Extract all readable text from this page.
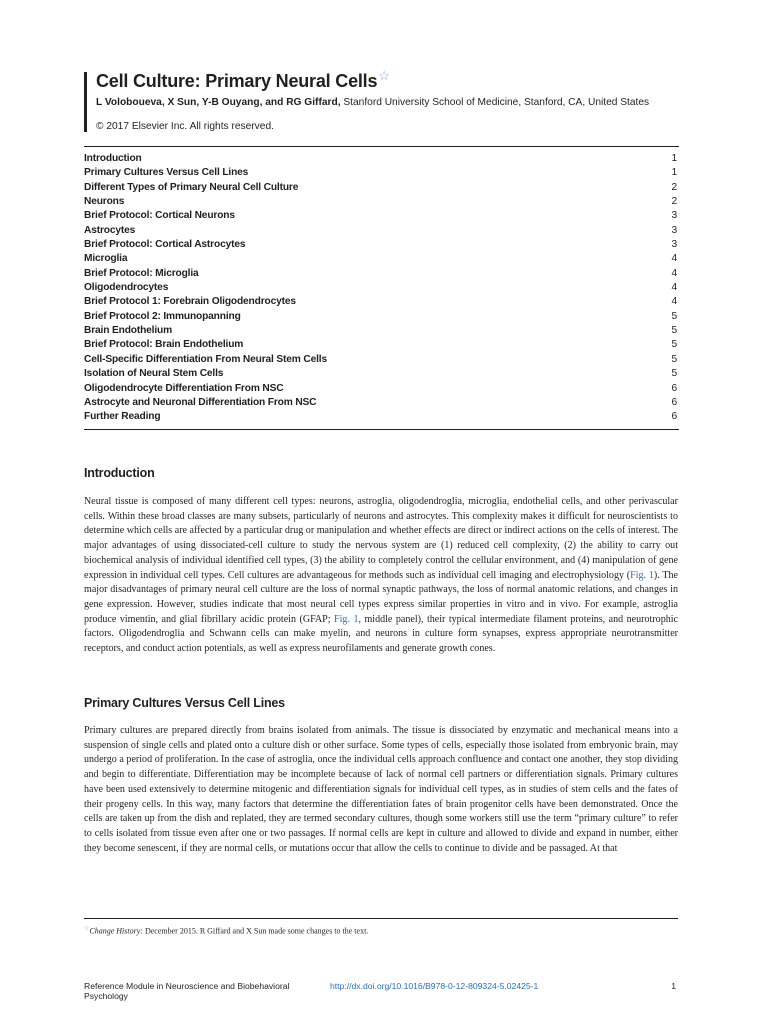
Cell Culture: Primary Neural Cells☆
L Voloboueva, X Sun, Y-B Ouyang, and RG Giffard, Stanford University School of Medicine, Stanford, CA, United States
© 2017 Elsevier Inc. All rights reserved.
Introduction	1
Primary Cultures Versus Cell Lines	1
Different Types of Primary Neural Cell Culture	2
Neurons	2
Brief Protocol: Cortical Neurons	3
Astrocytes	3
Brief Protocol: Cortical Astrocytes	3
Microglia	4
Brief Protocol: Microglia	4
Oligodendrocytes	4
Brief Protocol 1: Forebrain Oligodendrocytes	4
Brief Protocol 2: Immunopanning	5
Brain Endothelium	5
Brief Protocol: Brain Endothelium	5
Cell-Specific Differentiation From Neural Stem Cells	5
Isolation of Neural Stem Cells	5
Oligodendrocyte Differentiation From NSC	6
Astrocyte and Neuronal Differentiation From NSC	6
Further Reading	6
Introduction

Neural tissue is composed of many different cell types: neurons, astroglia, oligodendroglia, microglia, endothelial cells, and other perivascular cells. Within these broad classes are many subsets, particularly of neurons and astrocytes. This complexity makes it difficult for neuroscientists to determine which cells are affected by a particular drug or manipulation and whether effects are direct or indirect actions on the cells of interest. The major advantages of using dissociated-cell culture to study the nervous system are (1) reduced cell complexity, (2) the ability to carry out biochemical analysis of individual identified cell types, (3) the ability to completely control the cellular environment, and (4) manipulation of gene expression in individual cell types. Cell cultures are advantageous for methods such as individual cell imaging and electrophysiology (Fig. 1). The major disadvantages of primary neural cell culture are the loss of normal synaptic pathways, the loss of normal anatomic relations, and changes in gene expression. However, studies indicate that most neural cell types express similar properties in vitro and in vivo. For example, astroglia produce vimentin, and glial fibrillary acidic protein (GFAP; Fig. 1, middle panel), their typical intermediate filament proteins, and neurotrophic factors. Oligodendroglia and Schwann cells can make myelin, and neurons in culture form synapses, express appropriate neurotransmitter receptors, and conduct action potentials, as well as express neurofilaments and generate growth cones.

Primary Cultures Versus Cell Lines

Primary cultures are prepared directly from brains isolated from animals. The tissue is dissociated by enzymatic and mechanical means into a suspension of single cells and plated onto a culture dish or other surface. Some types of cells, especially those isolated from embryonic brain, may undergo a period of proliferation. In the case of astroglia, once the individual cells approach confluence and contact one another, they stop dividing and begin to differentiate. Differentiation may be incomplete because of lack of normal cell partners or differentiation signals. Primary cultures have been used extensively to determine mitogenic and differentiation signals for individual cell types, as in studies of stem cells and the fates of their progeny cells. In this way, many factors that determine the differentiation fates of brain progenitor cells have been demonstrated. Once the cells are taken up from the dish and replated, they are termed secondary cultures, though some workers still use the term “primary culture” to refer to cells isolated from tissue even after one or two passages. If normal cells are kept in culture and allowed to divide and expand in number, either they become senescent, if they are normal cells, or mutations occur that allow the cells to continue to divide and be passaged. At that

☆Change History: December 2015. R Giffard and X Sun made some changes to the text.
Reference Module in Neuroscience and Biobehavioral Psychology
http://dx.doi.org/10.1016/B978-0-12-809324-5.02425-1	1
